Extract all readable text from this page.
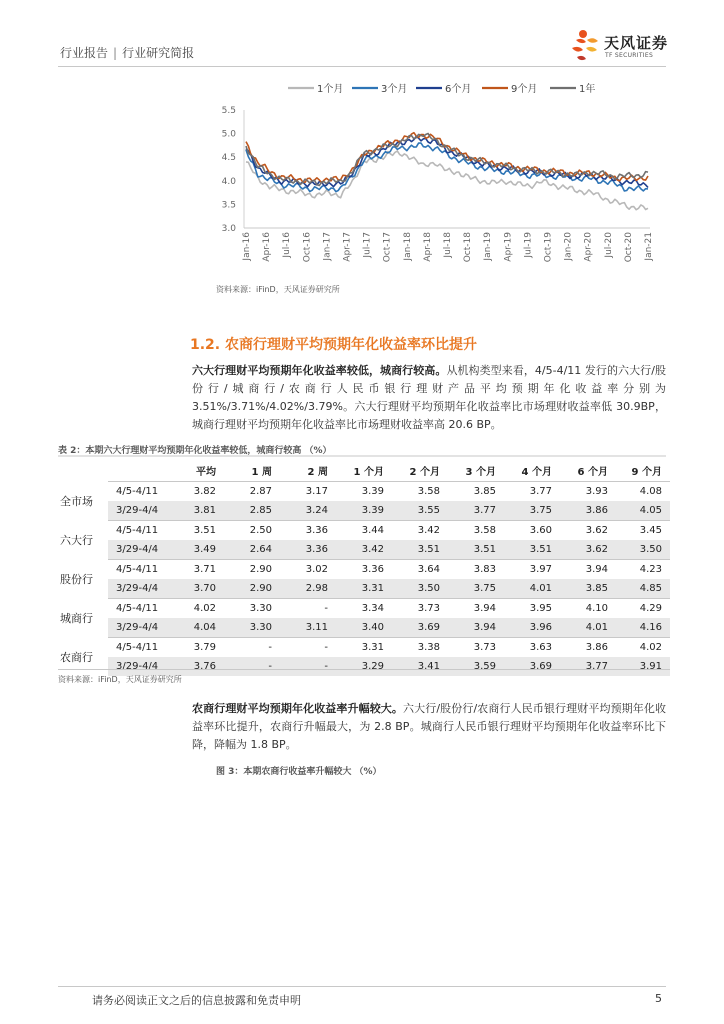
行业报告 | 行业研究简报
天风证券
TF SECURITIES
1个月	3个月	6个月	9个月	1年
5.5
5.0
4.5
4.0
3.5
3.0
Jan-16 Apr-16 Jul-16 Oct-16 Jan-17 Apr-17 Jul-17 Oct-17 Jan-18 Apr-18 Jul-18 Oct-18 Jan-19 Apr-19 Jul-19 Oct-19 Jan-20 Apr-20 Jul-20 Oct-20 Jan-21
资料来源：iFinD，天风证券研究所
1.2. 农商行理财平均预期年化收益率环比提升
六大行理财平均预期年化收益率较低，城商行较高。从机构类型来看，4/5-4/11 发行的六大行/股份行/城商行/农商行人民币银行理财产品平均预期年化收益率分别为 3.51%/3.71%/4.02%/3.79%。六大行理财平均预期年化收益率比市场理财收益率低 30.9BP，城商行理财平均预期年化收益率比市场理财收益率高 20.6 BP。
表 2：本期六大行理财平均预期年化收益率较低，城商行较高 （%）
		平均	1 周	2 周	1 个月	2 个月	3 个月	4 个月	6 个月	9 个月
全市场	4/5-4/11	3.82	2.87	3.17	3.39	3.58	3.85	3.77	3.93	4.08
	3/29-4/4	3.81	2.85	3.24	3.39	3.55	3.77	3.75	3.86	4.05
六大行	4/5-4/11	3.51	2.50	3.36	3.44	3.42	3.58	3.60	3.62	3.45
	3/29-4/4	3.49	2.64	3.36	3.42	3.51	3.51	3.51	3.62	3.50
股份行	4/5-4/11	3.71	2.90	3.02	3.36	3.64	3.83	3.97	3.94	4.23
	3/29-4/4	3.70	2.90	2.98	3.31	3.50	3.75	4.01	3.85	4.85
城商行	4/5-4/11	4.02	3.30	-	3.34	3.73	3.94	3.95	4.10	4.29
	3/29-4/4	4.04	3.30	3.11	3.40	3.69	3.94	3.96	4.01	4.16
农商行	4/5-4/11	3.79	-	-	3.31	3.38	3.73	3.63	3.86	4.02
	3/29-4/4	3.76	-	-	3.29	3.41	3.59	3.69	3.77	3.91
资料来源：iFinD，天风证券研究所
农商行理财平均预期年化收益率升幅较大。六大行/股份行/农商行人民币银行理财平均预期年化收益率环比提升，农商行升幅最大，为 2.8 BP。城商行人民币银行理财平均预期年化收益率环比下降，降幅为 1.8 BP。
图 3：本期农商行收益率升幅较大 （%）
请务必阅读正文之后的信息披露和免责申明	5
